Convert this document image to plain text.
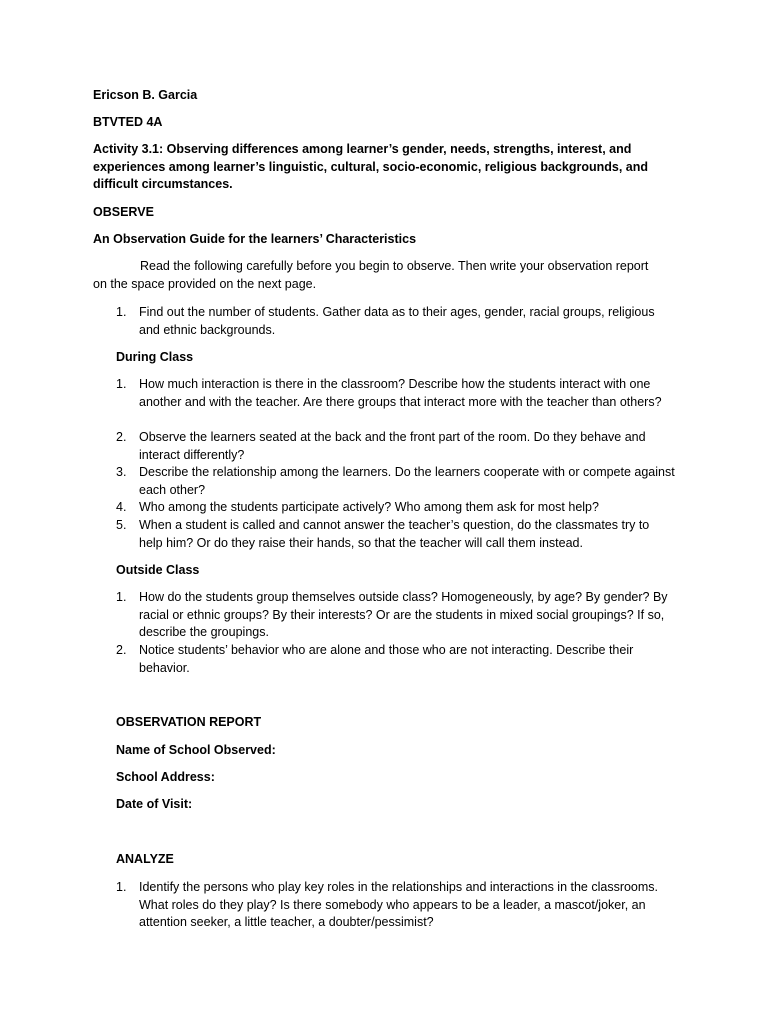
Ericson B. Garcia

BTVTED 4A

Activity 3.1: Observing differences among learner’s gender, needs, strengths, interest, and experiences among learner’s linguistic, cultural, socio-economic, religious backgrounds, and difficult circumstances.

OBSERVE

An Observation Guide for the learners’ Characteristics

Read the following carefully before you begin to observe. Then write your observation report on the space provided on the next page.

1.	Find out the number of students. Gather data as to their ages, gender, racial groups, religious and ethnic backgrounds.

During Class

1.	How much interaction is there in the classroom? Describe how the students interact with one another and with the teacher. Are there groups that interact more with the teacher than others?
2.	Observe the learners seated at the back and the front part of the room. Do they behave and interact differently?
3.	Describe the relationship among the learners. Do the learners cooperate with or compete against each other?
4.	Who among the students participate actively? Who among them ask for most help?
5.	When a student is called and cannot answer the teacher’s question, do the classmates try to help him? Or do they raise their hands, so that the teacher will call them instead.

Outside Class

1.	How do the students group themselves outside class? Homogeneously, by age? By gender? By racial or ethnic groups? By their interests? Or are the students in mixed social groupings? If so, describe the groupings.
2.	Notice students’ behavior who are alone and those who are not interacting. Describe their behavior.

OBSERVATION REPORT

Name of School Observed:

School Address:

Date of Visit:

ANALYZE

1.	Identify the persons who play key roles in the relationships and interactions in the classrooms. What roles do they play? Is there somebody who appears to be a leader, a mascot/joker, an attention seeker, a little teacher, a doubter/pessimist?
